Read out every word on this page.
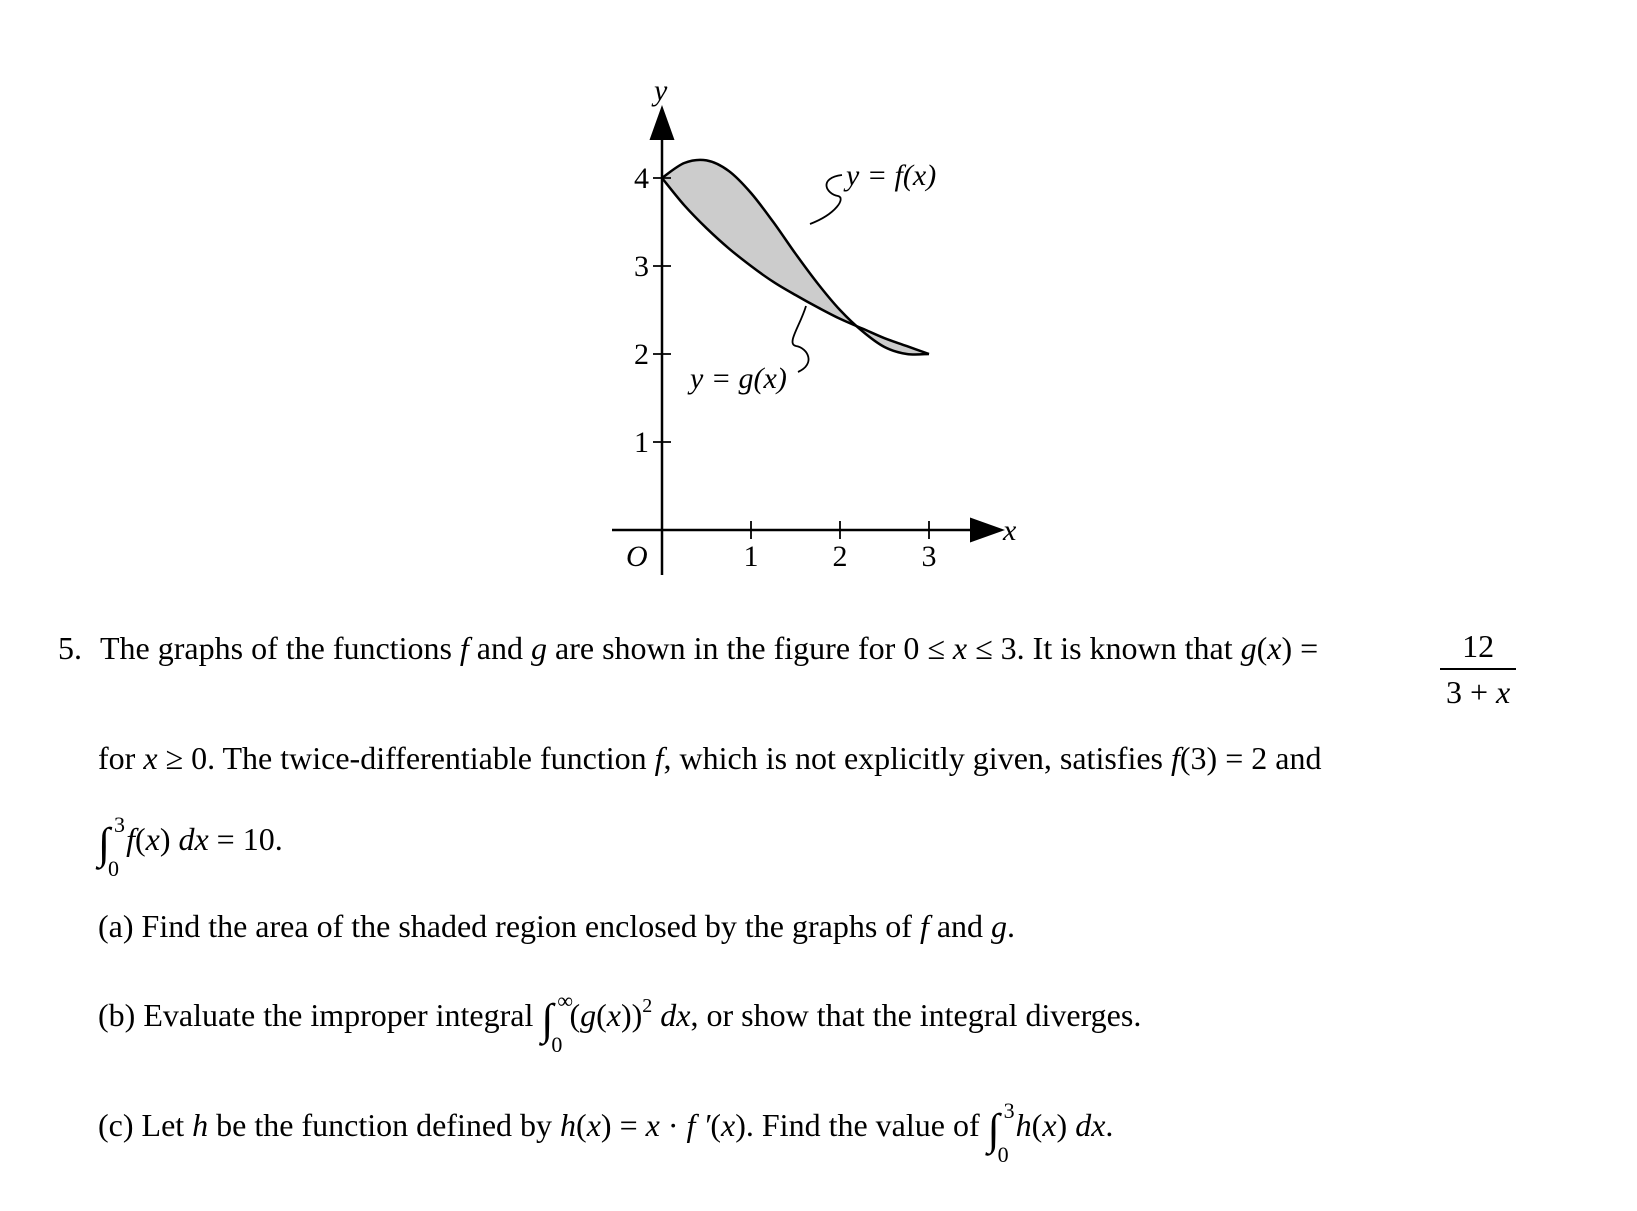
1 2 3
1
2
3
4
x
y
O
y = f(x)
y = g(x)
5. The graphs of the functions f and g are shown in the figure for 0 ≤ x ≤ 3. It is known that g(x) =	$\frac{12}{3 + x}$
for x ≥ 0. The twice-differentiable function f, which is not explicitly given, satisfies f(3) = 2 and
∫ 3
0
f(x) dx = 10.
(a) Find the area of the shaded region enclosed by the graphs of f and g.
(b) Evaluate the improper integral ∫ ∞
0
$(g(x))^2$ dx, or show that the integral diverges.
(c) Let h be the function defined by h(x) = x · f ′(x). Find the value of ∫ 3
0
h(x) dx.
